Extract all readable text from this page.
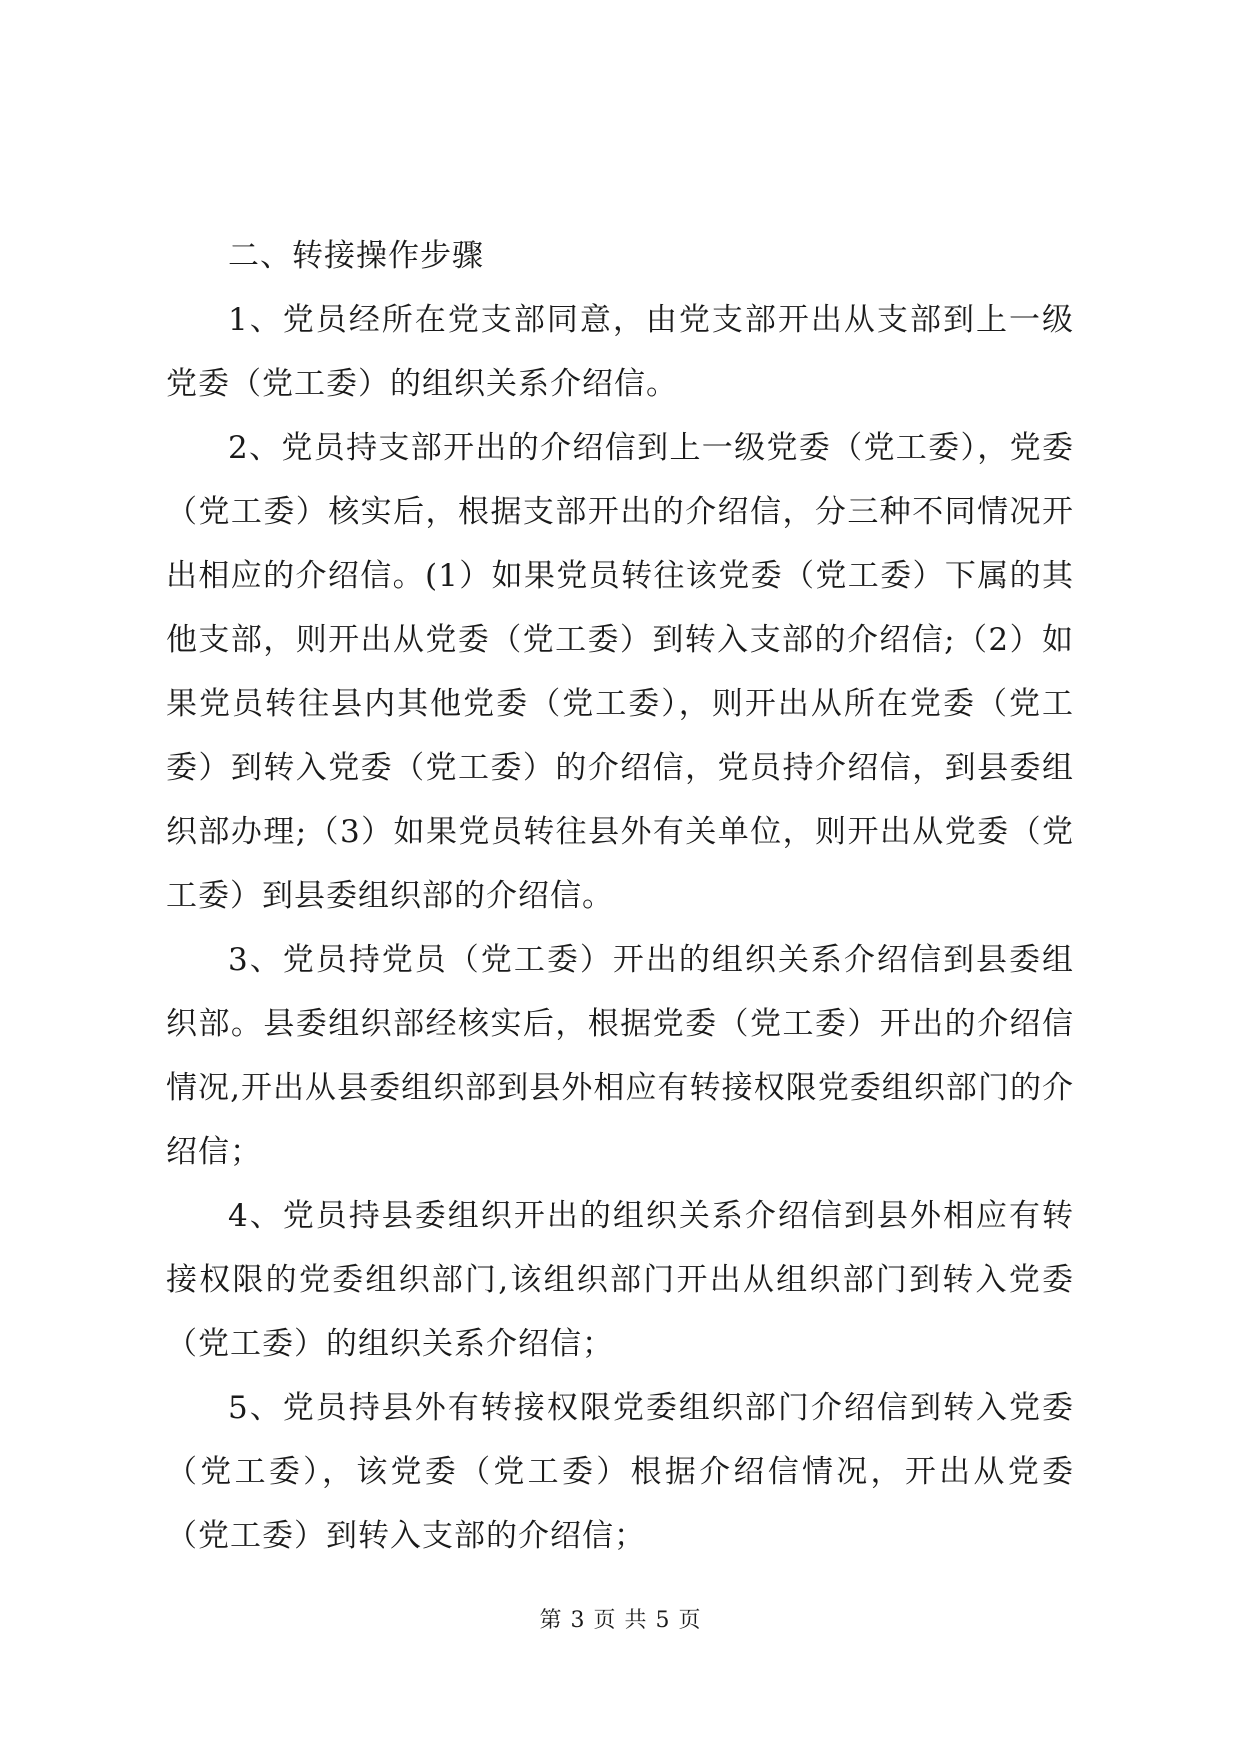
二、转接操作步骤

1、党员经所在党支部同意，由党支部开出从支部到上一级党委（党工委）的组织关系介绍信。

2、党员持支部开出的介绍信到上一级党委（党工委），党委（党工委）核实后，根据支部开出的介绍信，分三种不同情况开出相应的介绍信。(1）如果党员转往该党委（党工委）下属的其他支部，则开出从党委（党工委）到转入支部的介绍信;（2）如果党员转往县内其他党委（党工委），则开出从所在党委（党工委）到转入党委（党工委）的介绍信，党员持介绍信，到县委组织部办理;（3）如果党员转往县外有关单位，则开出从党委（党工委）到县委组织部的介绍信。

3、党员持党员（党工委）开出的组织关系介绍信到县委组织部。县委组织部经核实后，根据党委（党工委）开出的介绍信情况,开出从县委组织部到县外相应有转接权限党委组织部门的介绍信；

4、党员持县委组织开出的组织关系介绍信到县外相应有转接权限的党委组织部门,该组织部门开出从组织部门到转入党委（党工委）的组织关系介绍信；

5、党员持县外有转接权限党委组织部门介绍信到转入党委（党工委），该党委（党工委）根据介绍信情况，开出从党委（党工委）到转入支部的介绍信；

第 3 页 共 5 页
